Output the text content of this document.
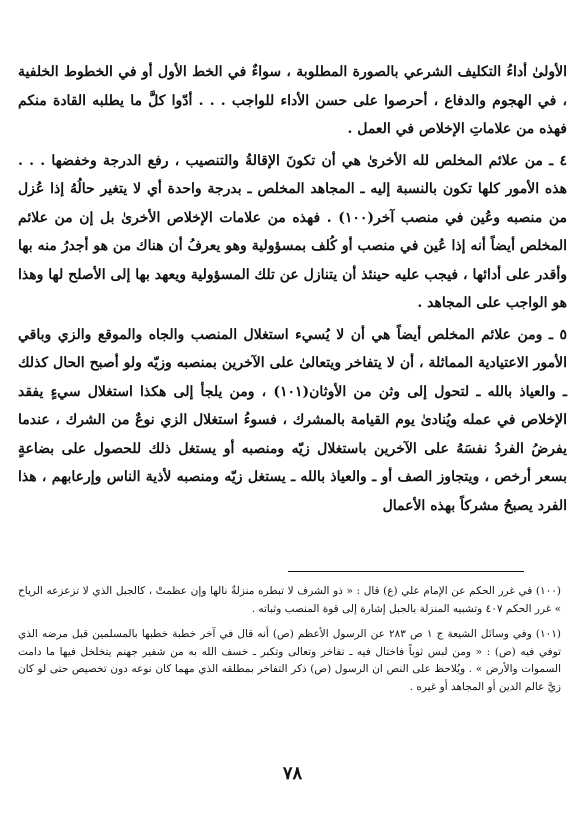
الأولىٰ أداءُ التكليف الشرعي بالصورة المطلوبة ، سواءٌ في الخط الأول أو في الخطوط الخلفية ، في الهجوم والدفاع ، أحرصوا على حسن الأداء للواجب . . . أدّوا كلَّ ما يطلبه القادة منكم فهذه من علاماتِ الإخلاص في العمل .

٤ ـ من علائم المخلص لله الأخرىٰ هي أن تكونَ الإقالةُ والتنصيب ، رفع الدرجة وخفضها . . . هذه الأمور كلها تكون بالنسبة إليه ـ المجاهد المخلص ـ بدرجة واحدة أي لا يتغير حالُهُ إذا عُزل من منصبه وعُين في منصب آخر(١٠٠) . فهذه من علامات الإخلاص الأخرىٰ بل إن من علائم المخلص أيضاً أنه إذا عُين في منصب أو كُلف بمسؤولية وهو يعرفُ أن هناك من هو أجدرُ منه بها وأقدر على أدائها ، فيجب عليه حينئذ أن يتنازل عن تلك المسؤولية ويعهد بها إلى الأصلح لها وهذا هو الواجب على المجاهد .

٥ ـ ومن علائم المخلص أيضاً هي أن لا يُسيء استغلال المنصب والجاه والموقع والزي وباقي الأمور الاعتيادية المماثلة ، أن لا يتفاخر ويتعالىٰ على الآخرين بمنصبه وزيّه ولو أصبح الحال كذلك ـ والعياذ بالله ـ لتحول إلى وثن من الأوثان(١٠١) ، ومن يلجأ إلى هكذا استغلال سيءٍ يفقد الإخلاص في عمله ويُنادىٰ يوم القيامة بالمشرك ، فسوءُ استغلال الزي نوعٌ من الشرك ، عندما يفرضُ الفردُ نفسَهُ على الآخرين باستغلال زيّه ومنصبه أو يستغل ذلك للحصول على بضاعةٍ بسعر أرخص ، ويتجاوز الصف أو ـ والعياذ بالله ـ يستغل زيّه ومنصبه لأذية الناس وإرعابهم ، هذا الفرد يصبحُ مشركاً بهذه الأعمال

(١٠٠) في غرر الحكم عن الإمام علي (ع) قال : « ذو الشرف لا تبطره منزلةٌ نالها وإن عظمتْ ، كالجبل الذي لا تزعزعه الرياح » غرر الحكم ٤٠٧ وتشبيه المنزلة بالجبل إشارة إلى قوة المنصب وثباته .

(١٠١) وفي وسائل الشيعة ج ١ ص ٢٨٣ عن الرسول الأعظم (ص) أنه قال في آخر خطبة خطبها بالمسلمين قبل مرضه الذي توفي فيه (ص) : « ومن لبس ثوباً فاختال فيه ـ تفاخر وتعالى وتكبر ـ خسف الله به من شفير جهنم يتخلخل فيها ما دامت السموات والأرض » . ويُلاحظ على النص ان الرسول (ص) ذكر التفاخر بمطلقه الذي مهما كان نوعه دون تخصيص حتى لو كان زيَّ عالم الدين أو المجاهد أو غيره .

٧٨
